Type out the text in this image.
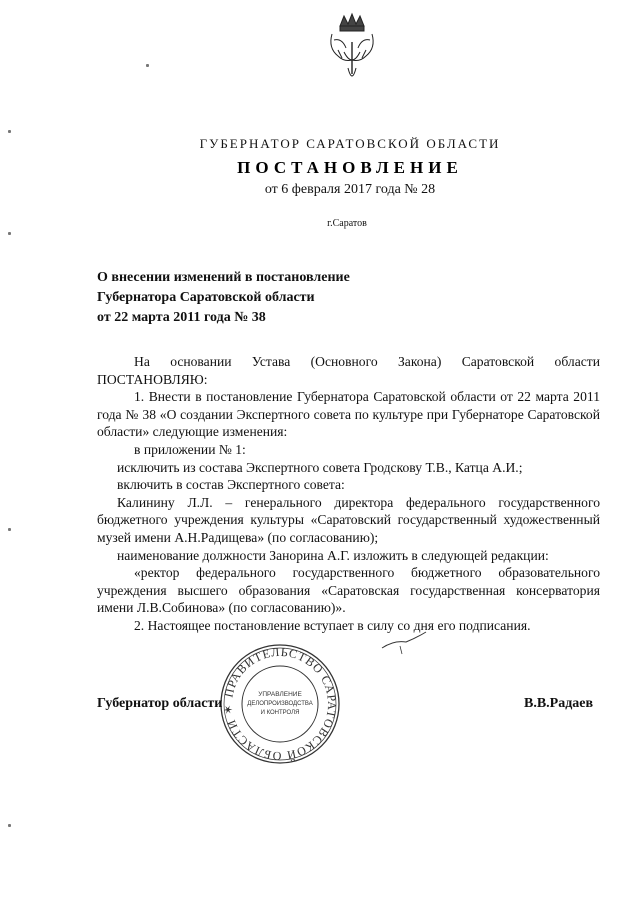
ГУБЕРНАТОР САРАТОВСКОЙ ОБЛАСТИ
ПОСТАНОВЛЕНИЕ
от 6 февраля 2017 года № 28
г.Саратов
О внесении изменений в постановление
Губернатора Саратовской области
от 22 марта 2011 года № 38

На основании Устава (Основного Закона) Саратовской области ПОСТАНОВЛЯЮ:

1. Внести в постановление Губернатора Саратовской области от 22 марта 2011 года № 38 «О создании Экспертного совета по культуре при Губернаторе Саратовской области» следующие изменения:

в приложении № 1:

исключить из состава Экспертного совета Гродскову Т.В., Катца А.И.;

включить в состав Экспертного совета:

Калинину Л.Л. – генерального директора федерального государственного бюджетного учреждения культуры «Саратовский государственный художественный музей имени А.Н.Радищева» (по согласованию);

наименование должности Занорина А.Г. изложить в следующей редакции:

«ректор федерального государственного бюджетного образовательного учреждения высшего образования «Саратовская государственная консерватория имени Л.В.Собинова» (по согласованию)».

2. Настоящее постановление вступает в силу со дня его подписания.

ПРАВИТЕЛЬСТВО САРАТОВСКОЙ ОБЛАСТИ ✶
УПРАВЛЕНИЕ
ДЕЛОПРОИЗВОДСТВА
И КОНТРОЛЯ
Губернатор области	В.В.Радаев
